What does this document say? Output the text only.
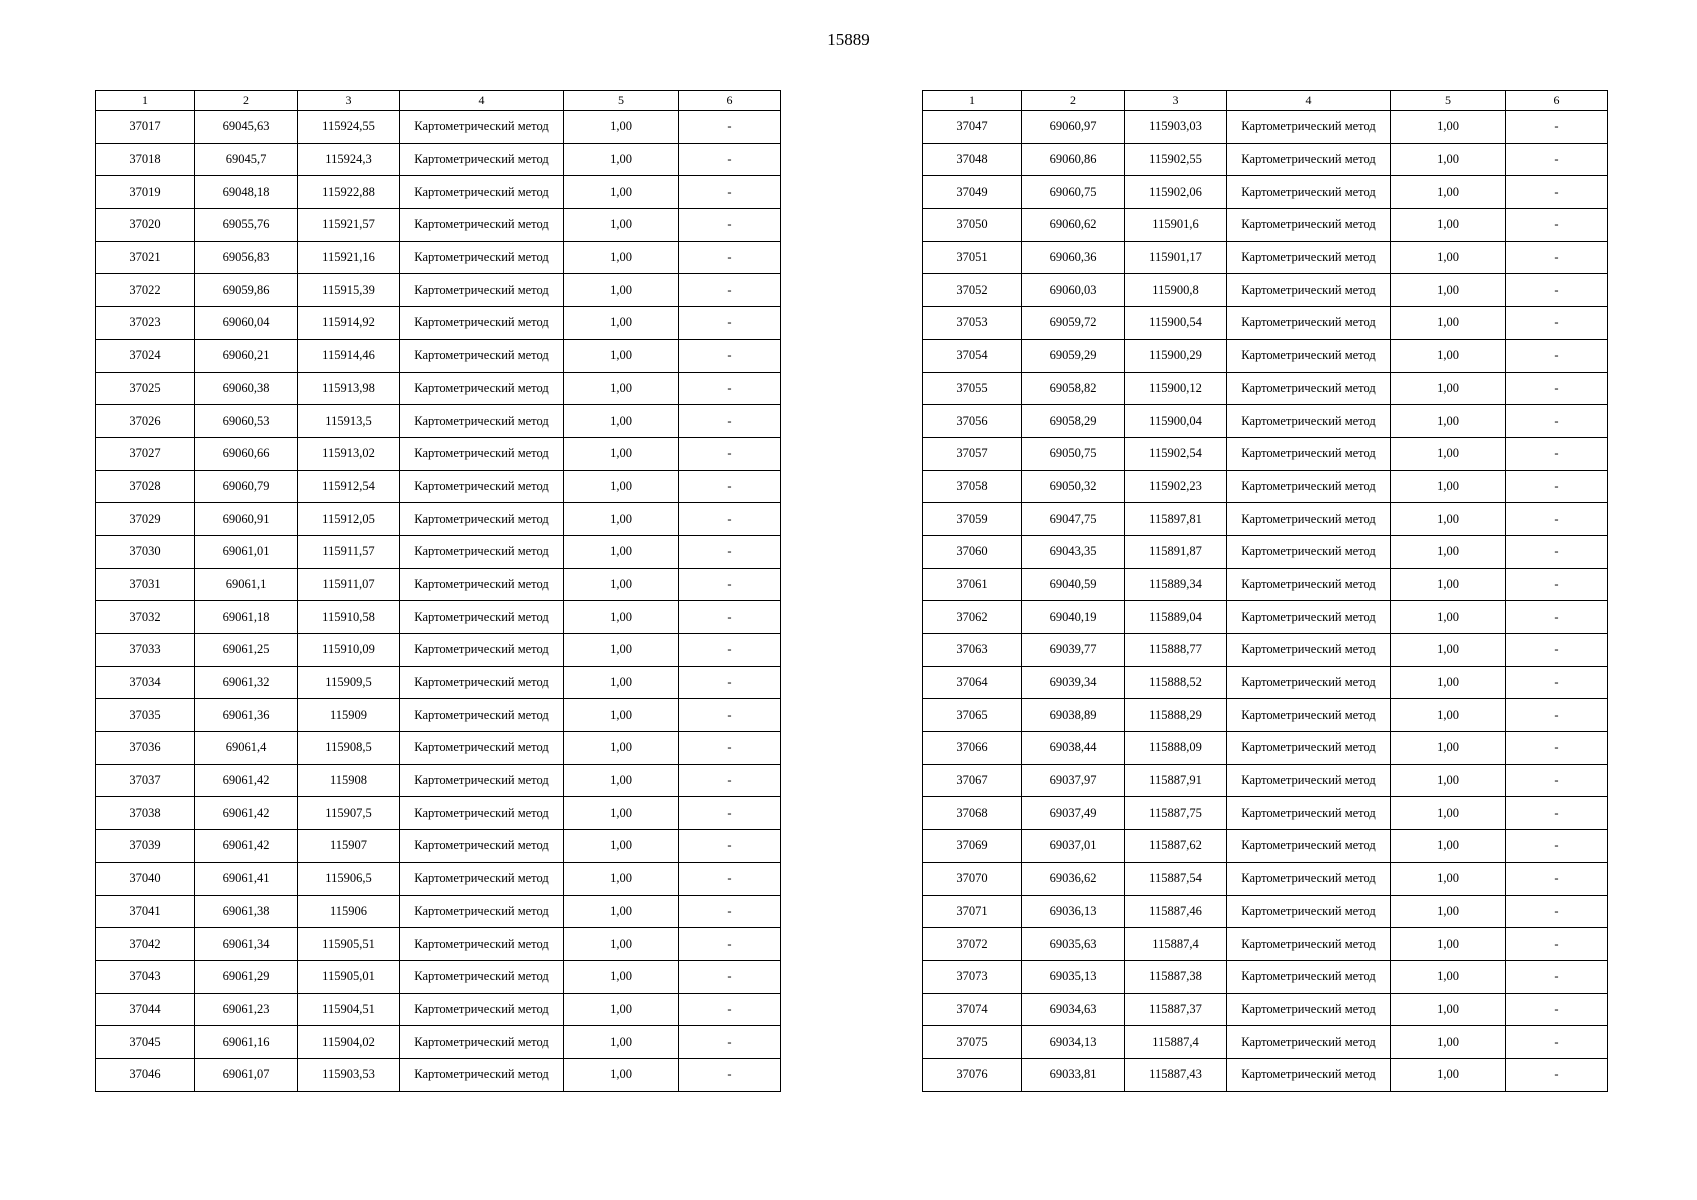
15889
1	2	3	4	5	6
37017	69045,63	115924,55	Картометрический метод	1,00	-
37018	69045,7	115924,3	Картометрический метод	1,00	-
37019	69048,18	115922,88	Картометрический метод	1,00	-
37020	69055,76	115921,57	Картометрический метод	1,00	-
37021	69056,83	115921,16	Картометрический метод	1,00	-
37022	69059,86	115915,39	Картометрический метод	1,00	-
37023	69060,04	115914,92	Картометрический метод	1,00	-
37024	69060,21	115914,46	Картометрический метод	1,00	-
37025	69060,38	115913,98	Картометрический метод	1,00	-
37026	69060,53	115913,5	Картометрический метод	1,00	-
37027	69060,66	115913,02	Картометрический метод	1,00	-
37028	69060,79	115912,54	Картометрический метод	1,00	-
37029	69060,91	115912,05	Картометрический метод	1,00	-
37030	69061,01	115911,57	Картометрический метод	1,00	-
37031	69061,1	115911,07	Картометрический метод	1,00	-
37032	69061,18	115910,58	Картометрический метод	1,00	-
37033	69061,25	115910,09	Картометрический метод	1,00	-
37034	69061,32	115909,5	Картометрический метод	1,00	-
37035	69061,36	115909	Картометрический метод	1,00	-
37036	69061,4	115908,5	Картометрический метод	1,00	-
37037	69061,42	115908	Картометрический метод	1,00	-
37038	69061,42	115907,5	Картометрический метод	1,00	-
37039	69061,42	115907	Картометрический метод	1,00	-
37040	69061,41	115906,5	Картометрический метод	1,00	-
37041	69061,38	115906	Картометрический метод	1,00	-
37042	69061,34	115905,51	Картометрический метод	1,00	-
37043	69061,29	115905,01	Картометрический метод	1,00	-
37044	69061,23	115904,51	Картометрический метод	1,00	-
37045	69061,16	115904,02	Картометрический метод	1,00	-
37046	69061,07	115903,53	Картометрический метод	1,00	-
1	2	3	4	5	6
37047	69060,97	115903,03	Картометрический метод	1,00	-
37048	69060,86	115902,55	Картометрический метод	1,00	-
37049	69060,75	115902,06	Картометрический метод	1,00	-
37050	69060,62	115901,6	Картометрический метод	1,00	-
37051	69060,36	115901,17	Картометрический метод	1,00	-
37052	69060,03	115900,8	Картометрический метод	1,00	-
37053	69059,72	115900,54	Картометрический метод	1,00	-
37054	69059,29	115900,29	Картометрический метод	1,00	-
37055	69058,82	115900,12	Картометрический метод	1,00	-
37056	69058,29	115900,04	Картометрический метод	1,00	-
37057	69050,75	115902,54	Картометрический метод	1,00	-
37058	69050,32	115902,23	Картометрический метод	1,00	-
37059	69047,75	115897,81	Картометрический метод	1,00	-
37060	69043,35	115891,87	Картометрический метод	1,00	-
37061	69040,59	115889,34	Картометрический метод	1,00	-
37062	69040,19	115889,04	Картометрический метод	1,00	-
37063	69039,77	115888,77	Картометрический метод	1,00	-
37064	69039,34	115888,52	Картометрический метод	1,00	-
37065	69038,89	115888,29	Картометрический метод	1,00	-
37066	69038,44	115888,09	Картометрический метод	1,00	-
37067	69037,97	115887,91	Картометрический метод	1,00	-
37068	69037,49	115887,75	Картометрический метод	1,00	-
37069	69037,01	115887,62	Картометрический метод	1,00	-
37070	69036,62	115887,54	Картометрический метод	1,00	-
37071	69036,13	115887,46	Картометрический метод	1,00	-
37072	69035,63	115887,4	Картометрический метод	1,00	-
37073	69035,13	115887,38	Картометрический метод	1,00	-
37074	69034,63	115887,37	Картометрический метод	1,00	-
37075	69034,13	115887,4	Картометрический метод	1,00	-
37076	69033,81	115887,43	Картометрический метод	1,00	-
